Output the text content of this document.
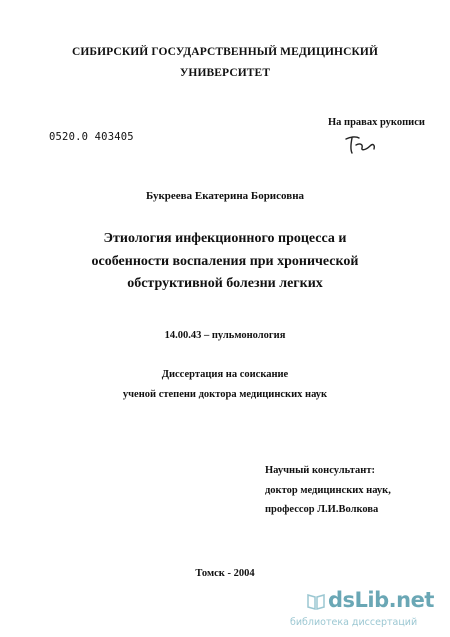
СИБИРСКИЙ ГОСУДАРСТВЕННЫЙ МЕДИЦИНСКИЙ
УНИВЕРСИТЕТ
На правах рукописи
0520.0 403405
Букреева Екатерина Борисовна
Этиология инфекционного процесса и
особенности воспаления при хронической
обструктивной болезни легких
14.00.43 – пульмонология
Диссертация на соискание
ученой степени доктора медицинских наук
Научный консультант:
доктор медицинских наук,
профессор Л.И.Волкова
Томск - 2004
dsLib.net
библиотека диссертаций
